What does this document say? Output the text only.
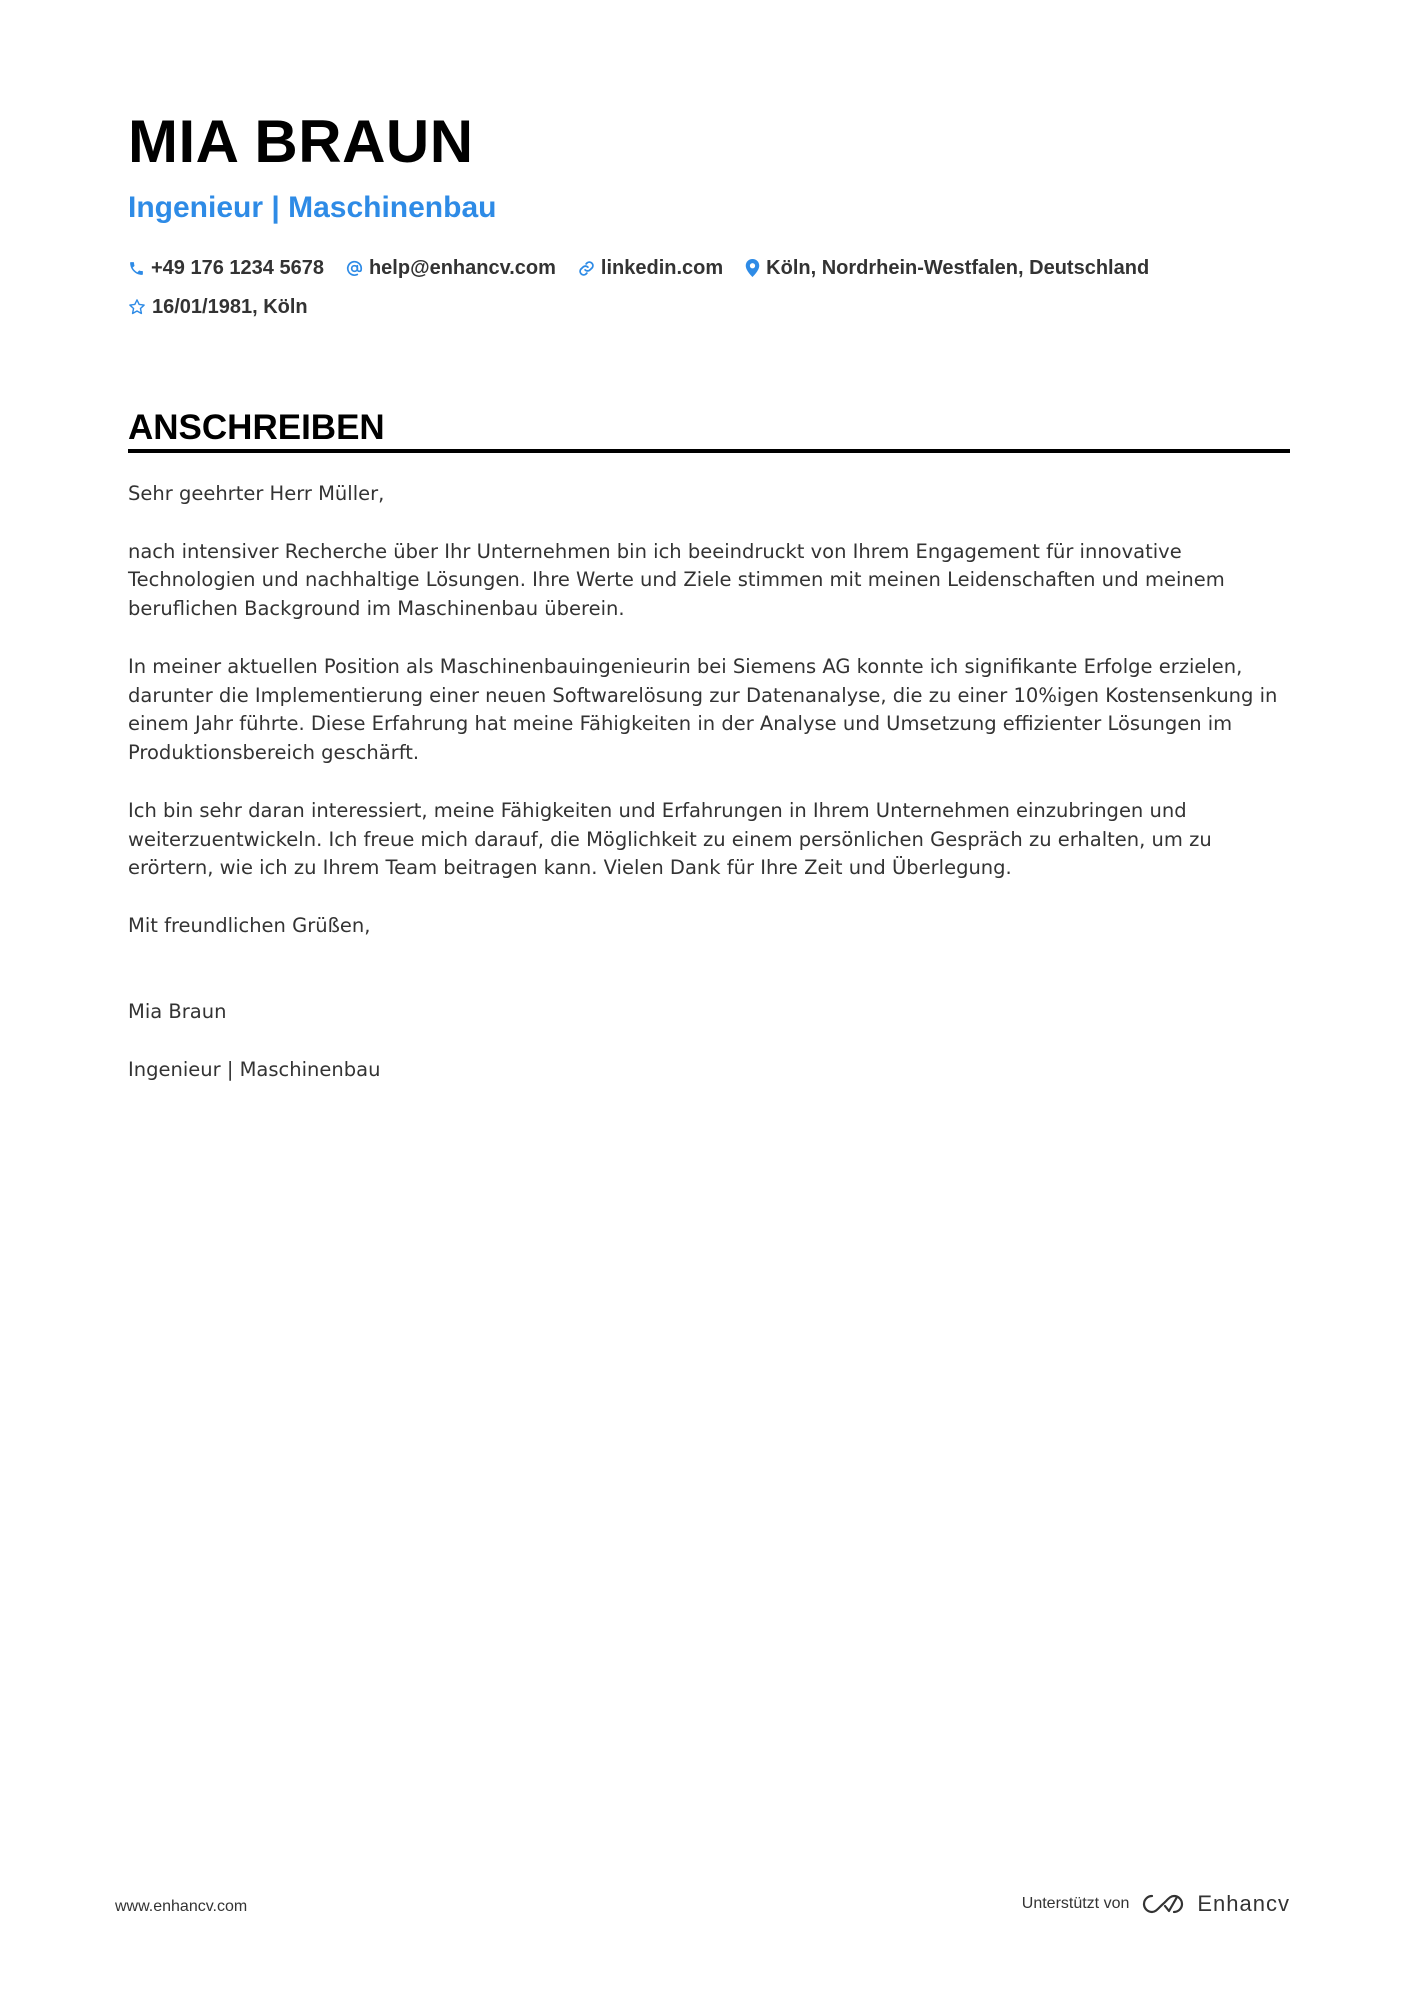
MIA BRAUN
Ingenieur | Maschinenbau
+49 176 1234 5678 help@enhancv.com linkedin.com Köln, Nordrhein-Westfalen, Deutschland
16/01/1981, Köln
ANSCHREIBEN

Sehr geehrter Herr Müller,

nach intensiver Recherche über Ihr Unternehmen bin ich beeindruckt von Ihrem Engagement für innovative Technologien und nachhaltige Lösungen. Ihre Werte und Ziele stimmen mit meinen Leidenschaften und meinem beruflichen Background im Maschinenbau überein.

In meiner aktuellen Position als Maschinenbauingenieurin bei Siemens AG konnte ich signifikante Erfolge erzielen, darunter die Implementierung einer neuen Softwarelösung zur Datenanalyse, die zu einer 10%igen Kostensenkung in einem Jahr führte. Diese Erfahrung hat meine Fähigkeiten in der Analyse und Umsetzung effizienter Lösungen im Produktionsbereich geschärft.

Ich bin sehr daran interessiert, meine Fähigkeiten und Erfahrungen in Ihrem Unternehmen einzubringen und weiterzuentwickeln. Ich freue mich darauf, die Möglichkeit zu einem persönlichen Gespräch zu erhalten, um zu erörtern, wie ich zu Ihrem Team beitragen kann. Vielen Dank für Ihre Zeit und Überlegung.

Mit freundlichen Grüßen,

Mia Braun

Ingenieur | Maschinenbau

www.enhancv.com	Unterstützt von	Enhancv
